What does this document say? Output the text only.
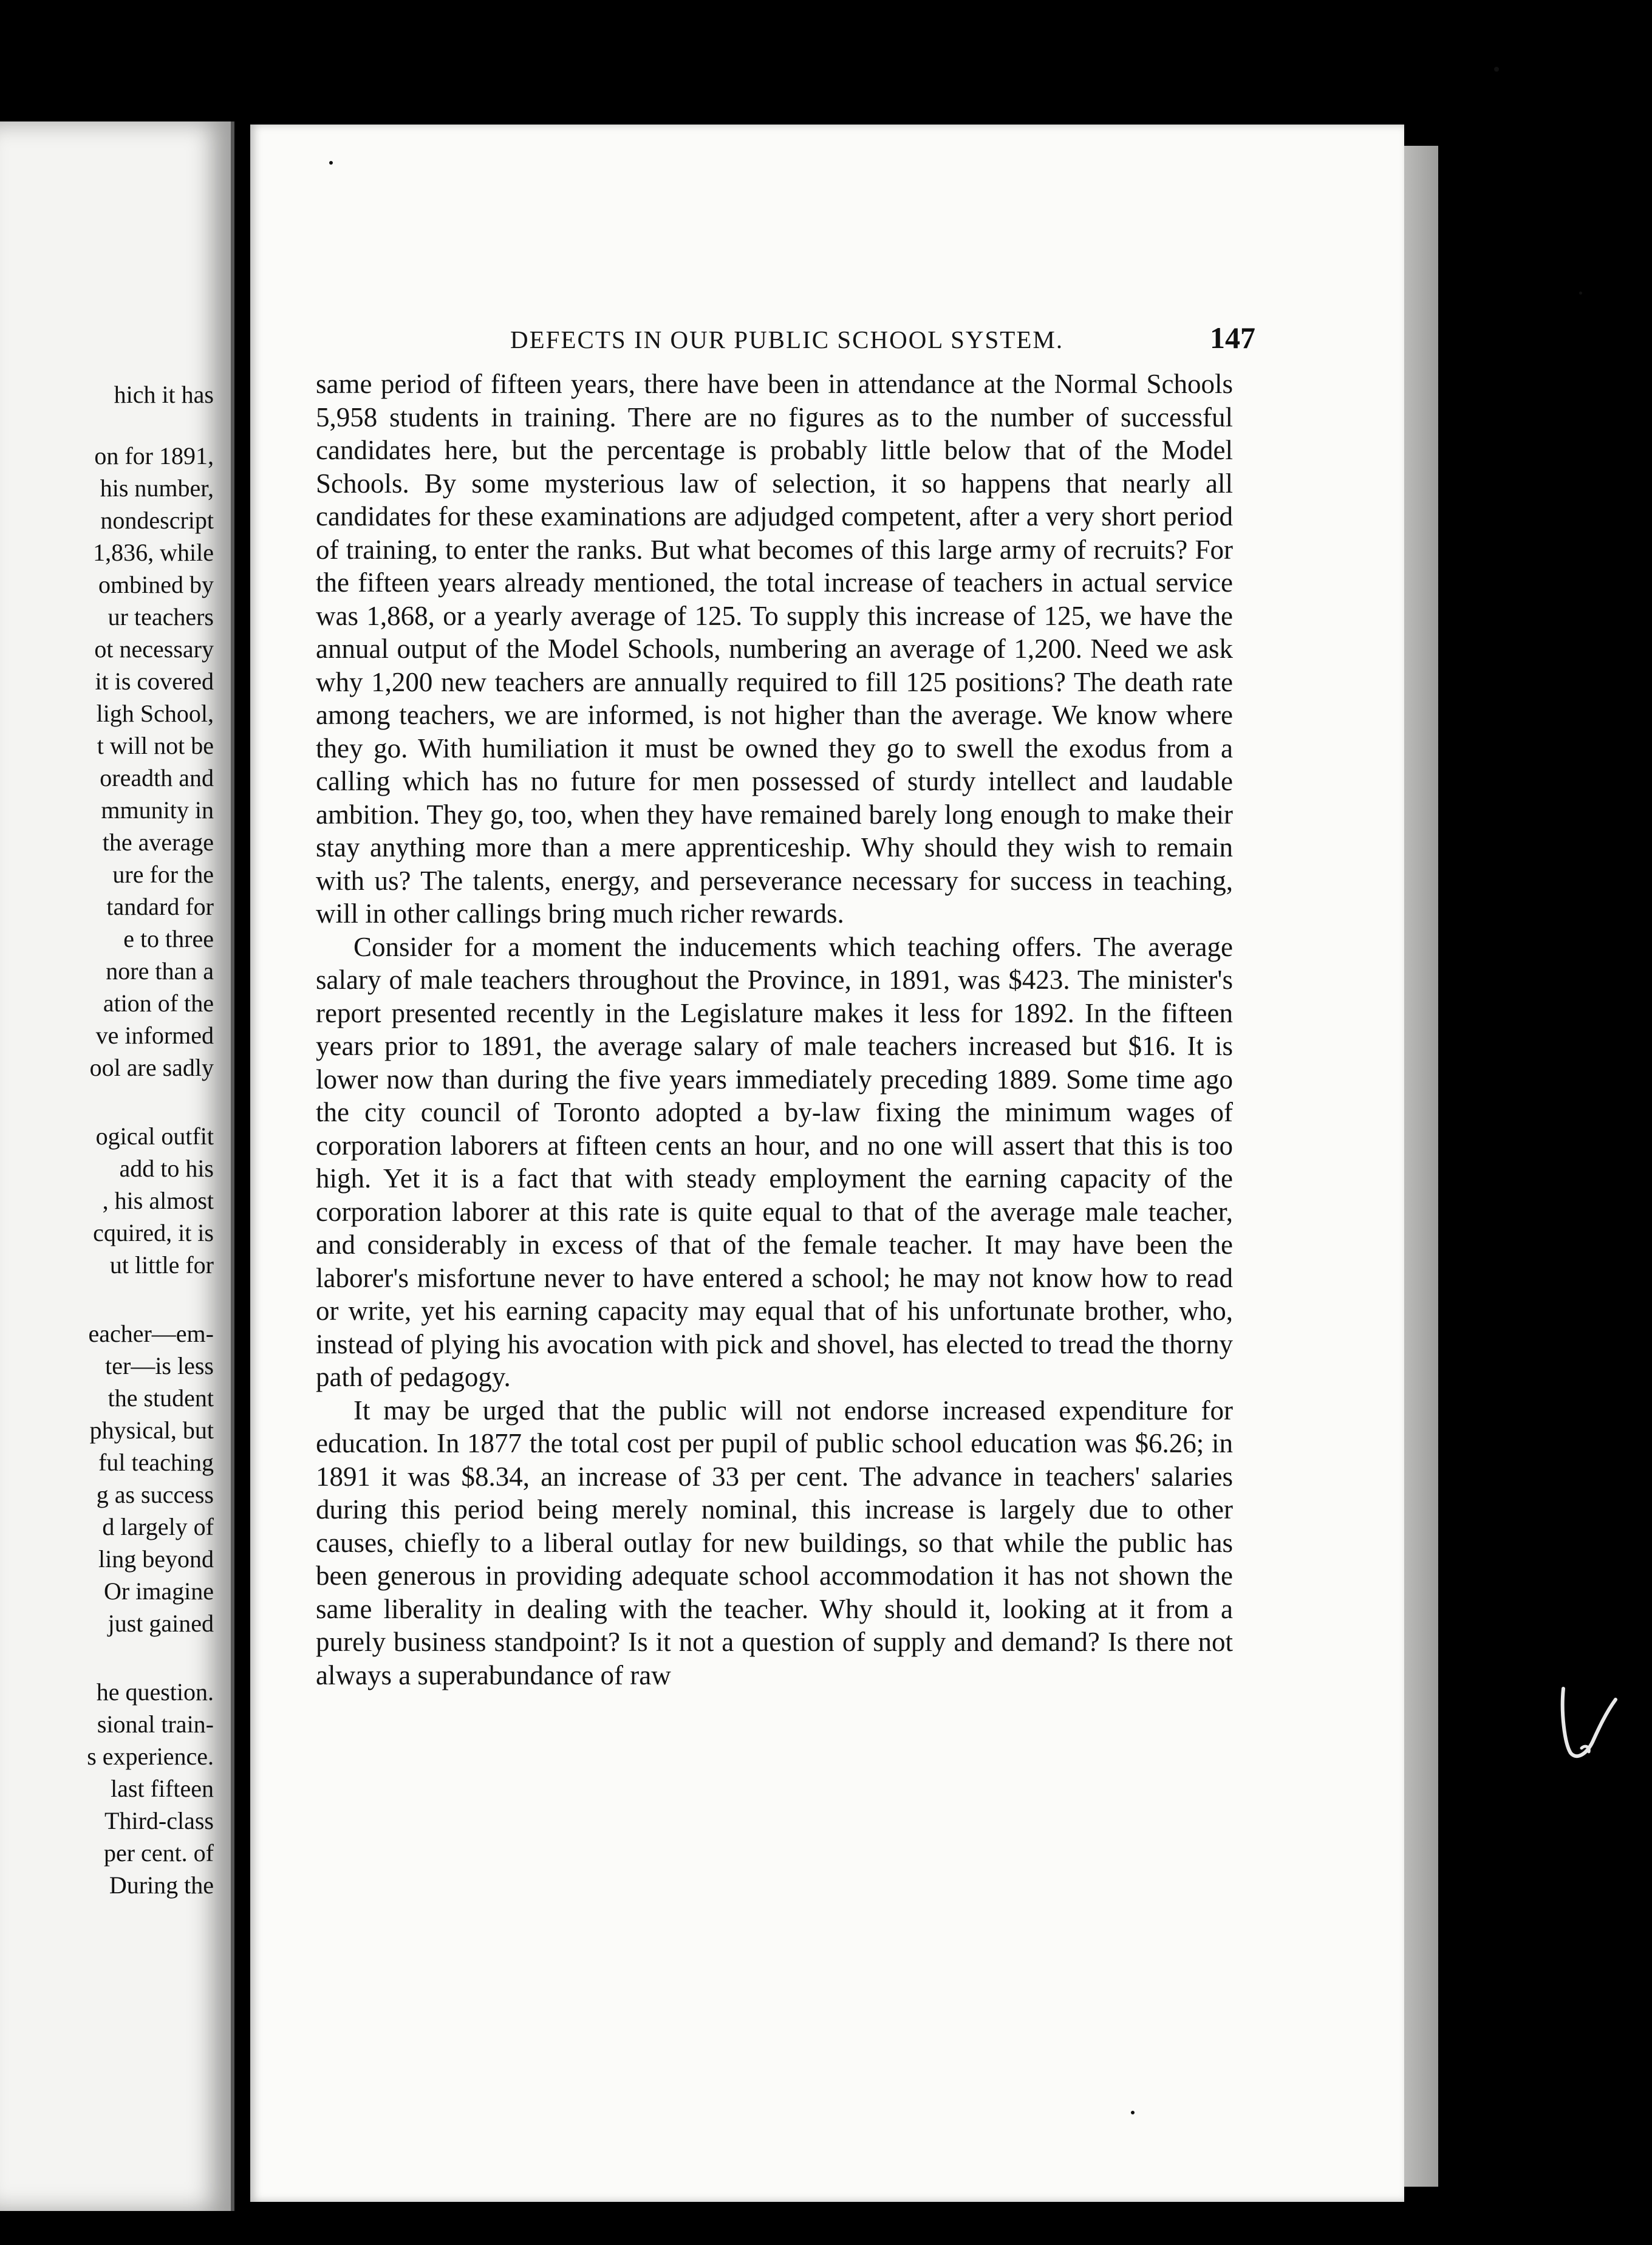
hich it has
on for 1891,
his number,
nondescript
1,836, while
ombined by
ur teachers
ot necessary
it is covered
ligh School,
t will not be
oreadth and
mmunity in
the average
ure for the
tandard for
e to three
nore than a
ation of the
ve informed
ool are sadly
ogical outfit
add to his
, his almost
cquired, it is
ut little for
eacher—em-
ter—is less
the student
physical, but
ful teaching
g as success
d largely of
ling beyond
Or imagine
just gained
he question.
sional train-
s experience.
last fifteen
Third-class
per cent. of
During the
DEFECTS IN OUR PUBLIC SCHOOL SYSTEM.	147

same period of fifteen years, there have been in attendance at the Normal Schools 5,958 students in training. There are no figures as to the number of successful candidates here, but the percentage is probably little below that of the Model Schools. By some mysterious law of selection, it so happens that nearly all candidates for these examinations are adjudged competent, after a very short period of training, to enter the ranks. But what becomes of this large army of recruits? For the fifteen years already mentioned, the total increase of teachers in actual service was 1,868, or a yearly average of 125. To supply this increase of 125, we have the annual output of the Model Schools, numbering an average of 1,200. Need we ask why 1,200 new teachers are annually required to fill 125 positions? The death rate among teachers, we are informed, is not higher than the average. We know where they go. With humiliation it must be owned they go to swell the exodus from a calling which has no future for men possessed of sturdy intellect and laudable ambition. They go, too, when they have remained barely long enough to make their stay anything more than a mere apprenticeship. Why should they wish to remain with us? The talents, energy, and perseverance necessary for success in teaching, will in other callings bring much richer rewards.

Consider for a moment the inducements which teaching offers. The average salary of male teachers throughout the Province, in 1891, was $423. The minister's report presented recently in the Legislature makes it less for 1892. In the fifteen years prior to 1891, the average salary of male teachers increased but $16. It is lower now than during the five years immediately preceding 1889. Some time ago the city council of Toronto adopted a by-law fixing the minimum wages of corporation laborers at fifteen cents an hour, and no one will assert that this is too high. Yet it is a fact that with steady employment the earning capacity of the corporation laborer at this rate is quite equal to that of the average male teacher, and considerably in excess of that of the female teacher. It may have been the laborer's misfortune never to have entered a school; he may not know how to read or write, yet his earning capacity may equal that of his unfortunate brother, who, instead of plying his avocation with pick and shovel, has elected to tread the thorny path of pedagogy.

It may be urged that the public will not endorse increased expenditure for education. In 1877 the total cost per pupil of public school education was $6.26; in 1891 it was $8.34, an increase of 33 per cent. The advance in teachers' salaries during this period being merely nominal, this increase is largely due to other causes, chiefly to a liberal outlay for new buildings, so that while the public has been generous in providing adequate school accommodation it has not shown the same liberality in dealing with the teacher. Why should it, looking at it from a purely business standpoint? Is it not a question of supply and demand? Is there not always a superabundance of raw
